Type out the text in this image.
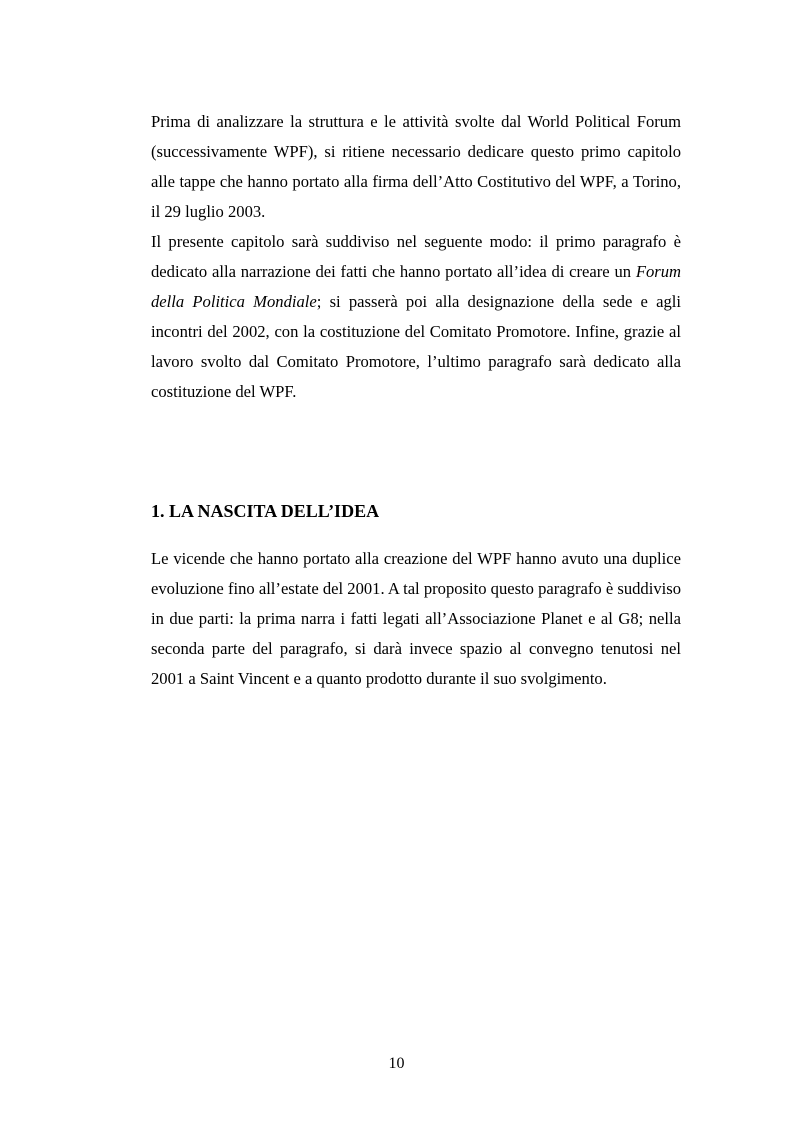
Prima di analizzare la struttura e le attività svolte dal World Political Forum (successivamente WPF), si ritiene necessario dedicare questo primo capitolo alle tappe che hanno portato alla firma dell’Atto Costitutivo del WPF, a Torino, il 29 luglio 2003.

Il presente capitolo sarà suddiviso nel seguente modo: il primo paragrafo è dedicato alla narrazione dei fatti che hanno portato all’idea di creare un Forum della Politica Mondiale; si passerà poi alla designazione della sede e agli incontri del 2002, con la costituzione del Comitato Promotore. Infine, grazie al lavoro svolto dal Comitato Promotore, l’ultimo paragrafo sarà dedicato alla costituzione del WPF.

1. LA NASCITA DELL’IDEA

Le vicende che hanno portato alla creazione del WPF hanno avuto una duplice evoluzione fino all’estate del 2001. A tal proposito questo paragrafo è suddiviso in due parti: la prima narra i fatti legati all’Associazione Planet e al G8; nella seconda parte del paragrafo, si darà invece spazio al convegno tenutosi nel 2001 a Saint Vincent e a quanto prodotto durante il suo svolgimento.

10
